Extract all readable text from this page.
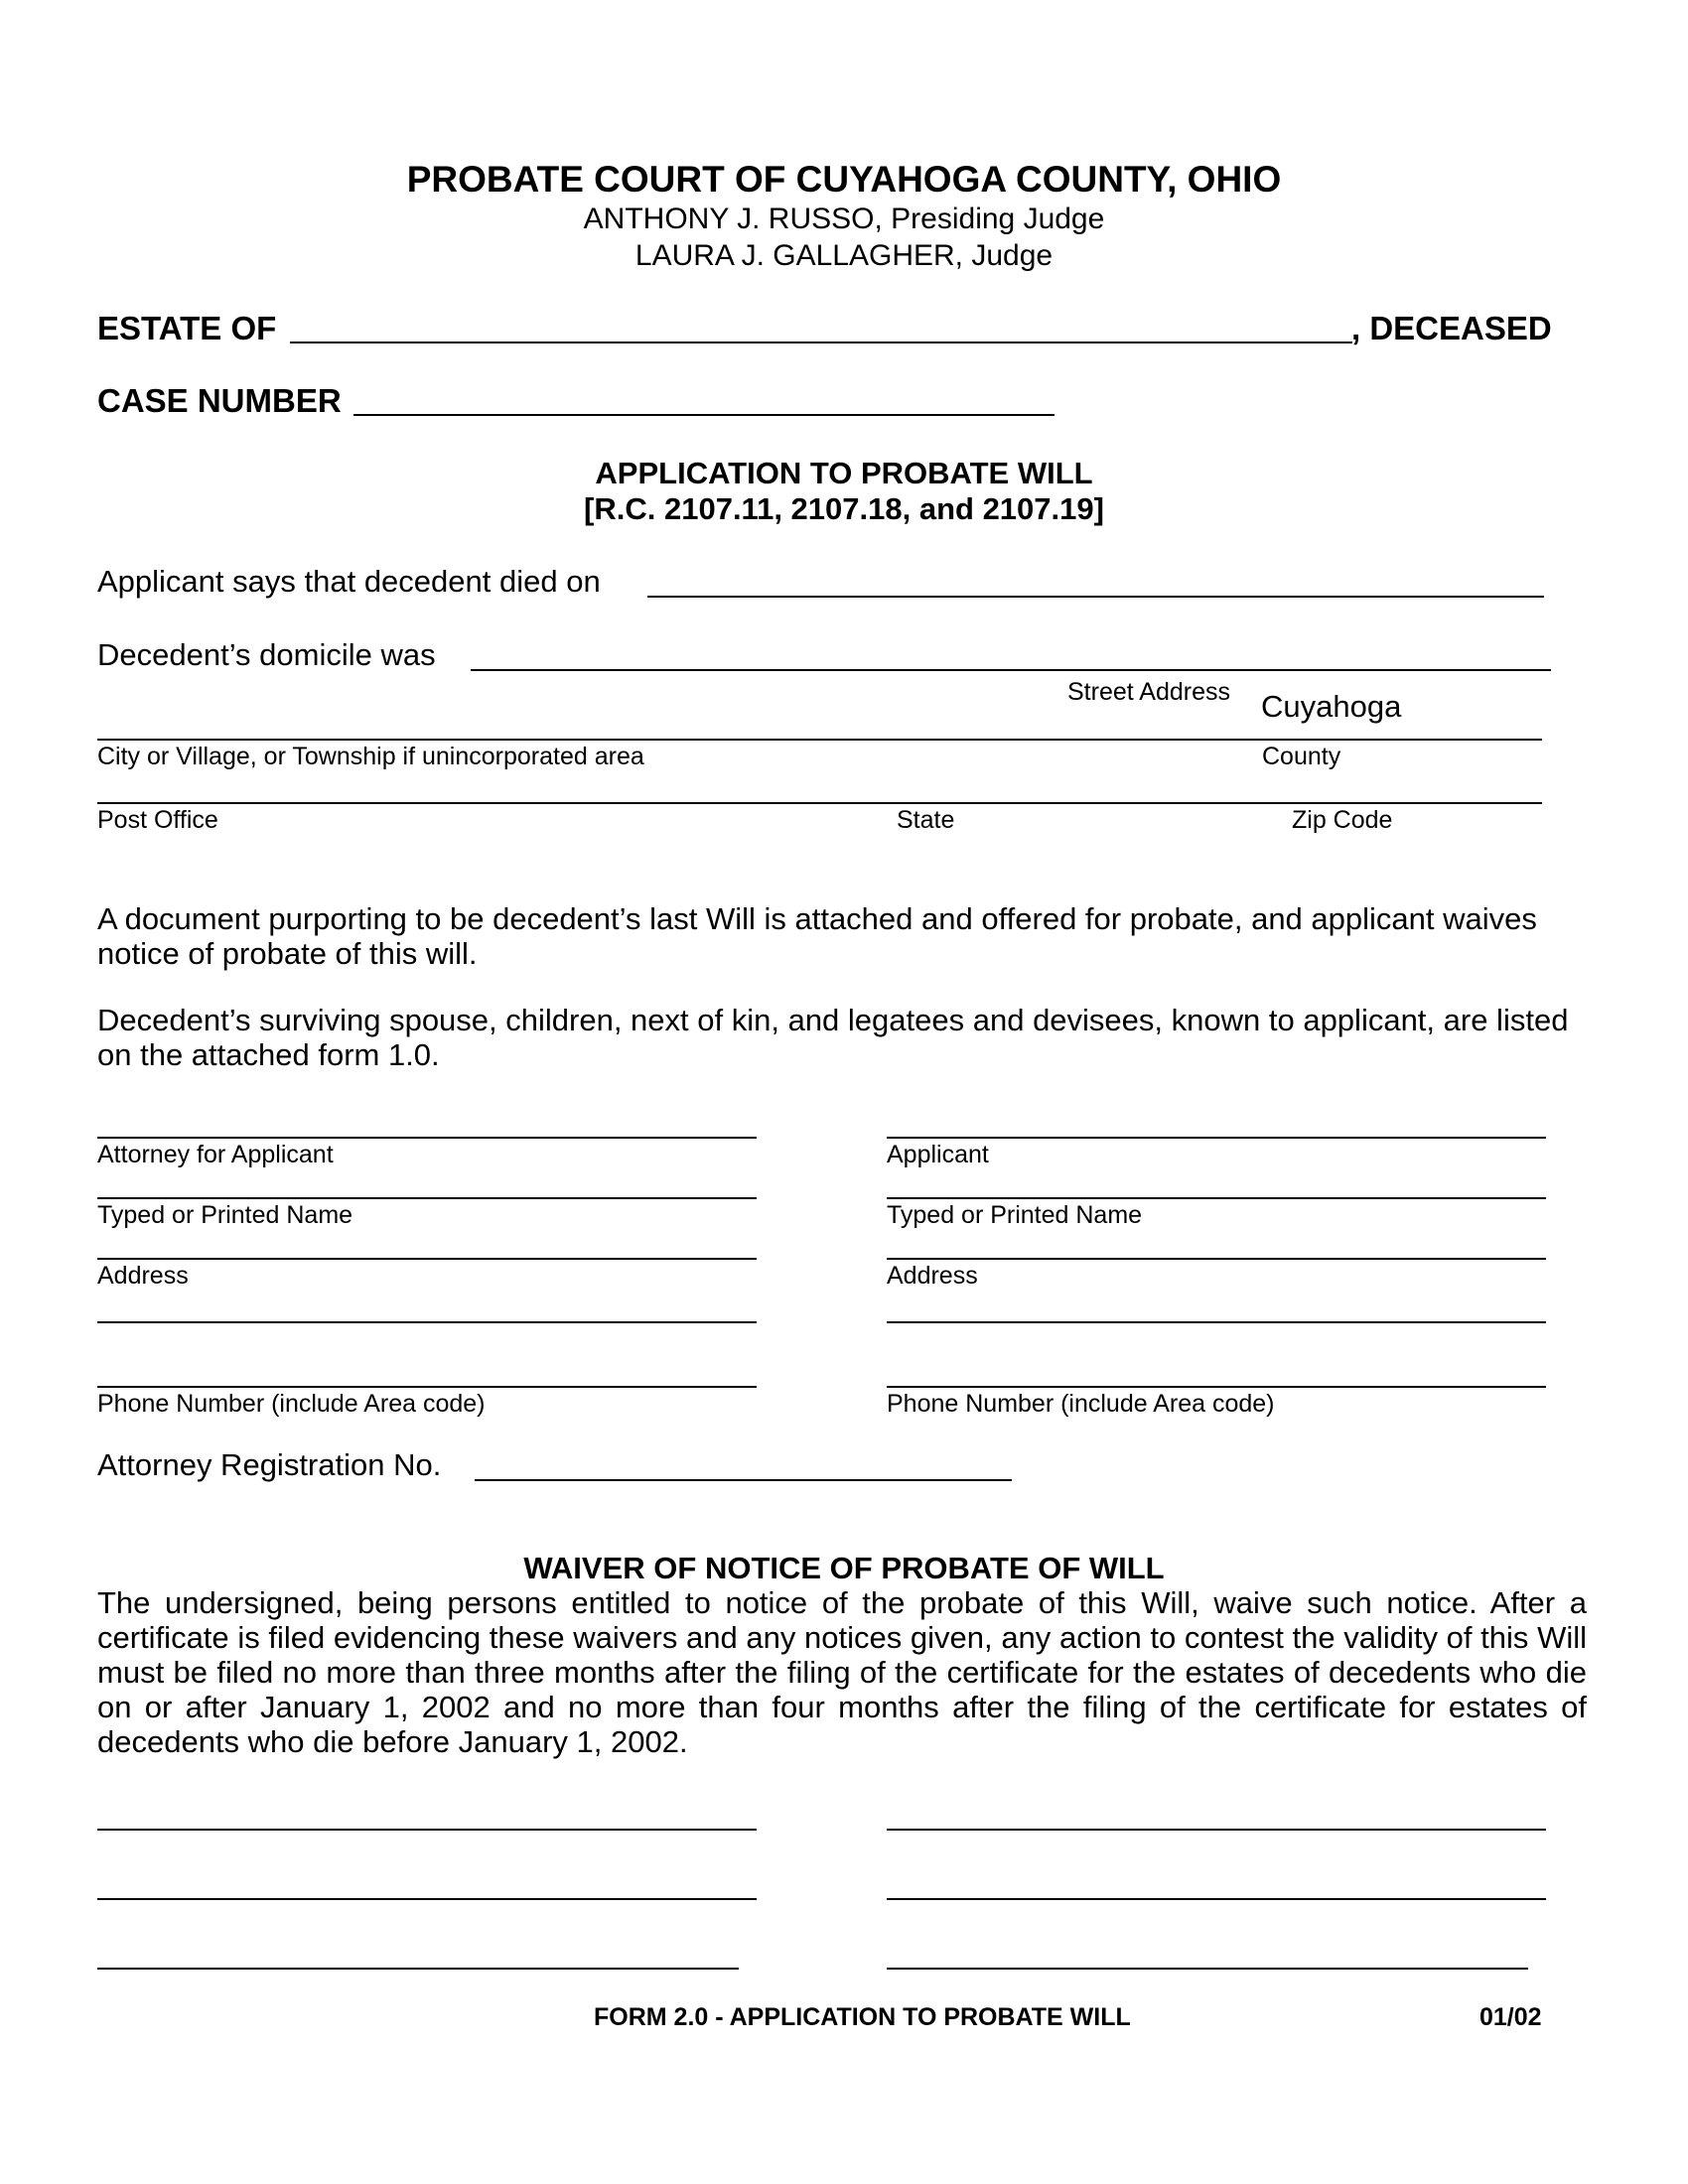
PROBATE COURT OF CUYAHOGA COUNTY, OHIO
ANTHONY J. RUSSO, Presiding Judge
LAURA J. GALLAGHER, Judge
ESTATE OF	, DECEASED
CASE NUMBER
APPLICATION TO PROBATE WILL
[R.C. 2107.11, 2107.18, and 2107.19]
Applicant says that decedent died on
Decedent’s domicile was
Street Address Cuyahoga
City or Village, or Township if unincorporated area	County
Post Office	State	Zip Code
A document purporting to be decedent’s last Will is attached and offered for probate, and applicant waives notice of probate of this will.
Decedent’s surviving spouse, children, next of kin, and legatees and devisees, known to applicant, are listed on the attached form 1.0.
Attorney for Applicant
Typed or Printed Name
Address
Phone Number (include Area code)
Applicant
Typed or Printed Name
Address
Phone Number (include Area code)
Attorney Registration No.
WAIVER OF NOTICE OF PROBATE OF WILL
The undersigned, being persons entitled to notice of the probate of this Will, waive such notice. After a certificate is filed evidencing these waivers and any notices given, any action to contest the validity of this Will must be filed no more than three months after the filing of the certificate for the estates of decedents who die on or after January 1, 2002 and no more than four months after the filing of the certificate for estates of decedents who die before January 1, 2002.
FORM 2.0 - APPLICATION TO PROBATE WILL	01/02
